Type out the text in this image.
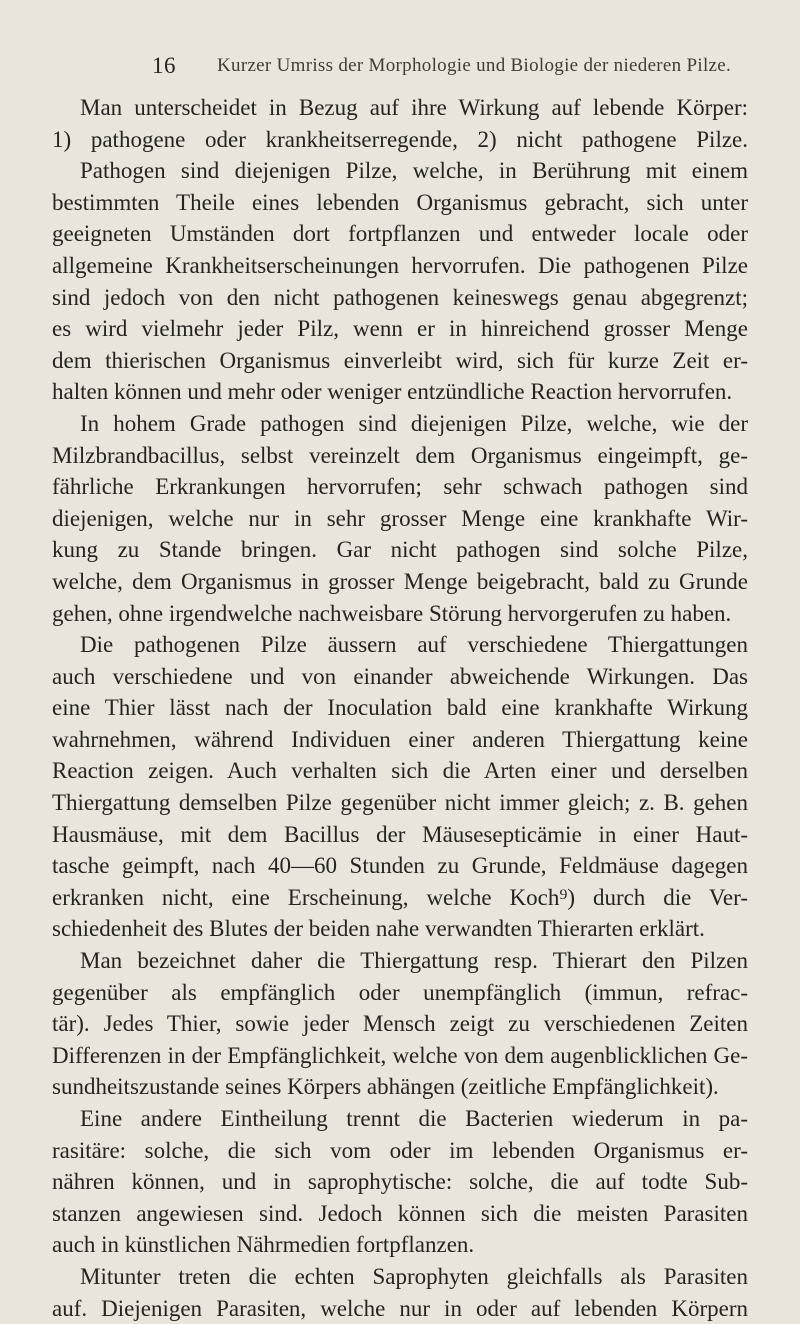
16 Kurzer Umriss der Morphologie und Biologie der niederen Pilze.
Man unterscheidet in Bezug auf ihre Wirkung auf lebende Körper:
1) pathogene oder krankheitserregende, 2) nicht pathogene Pilze.
Pathogen sind diejenigen Pilze, welche, in Berührung mit einem
bestimmten Theile eines lebenden Organismus gebracht, sich unter
geeigneten Umständen dort fortpflanzen und entweder locale oder
allgemeine Krankheitserscheinungen hervorrufen. Die pathogenen Pilze
sind jedoch von den nicht pathogenen keineswegs genau abgegrenzt;
es wird vielmehr jeder Pilz, wenn er in hinreichend grosser Menge
dem thierischen Organismus einverleibt wird, sich für kurze Zeit er-
halten können und mehr oder weniger entzündliche Reaction hervorrufen.
In hohem Grade pathogen sind diejenigen Pilze, welche, wie der
Milzbrandbacillus, selbst vereinzelt dem Organismus eingeimpft, ge-
fährliche Erkrankungen hervorrufen; sehr schwach pathogen sind
diejenigen, welche nur in sehr grosser Menge eine krankhafte Wir-
kung zu Stande bringen. Gar nicht pathogen sind solche Pilze,
welche, dem Organismus in grosser Menge beigebracht, bald zu Grunde
gehen, ohne irgendwelche nachweisbare Störung hervorgerufen zu haben.
Die pathogenen Pilze äussern auf verschiedene Thiergattungen
auch verschiedene und von einander abweichende Wirkungen. Das
eine Thier lässt nach der Inoculation bald eine krankhafte Wirkung
wahrnehmen, während Individuen einer anderen Thiergattung keine
Reaction zeigen. Auch verhalten sich die Arten einer und derselben
Thiergattung demselben Pilze gegenüber nicht immer gleich; z. B. gehen
Hausmäuse, mit dem Bacillus der Mäusesepticämie in einer Haut-
tasche geimpft, nach 40—60 Stunden zu Grunde, Feldmäuse dagegen
erkranken nicht, eine Erscheinung, welche Koch⁹) durch die Ver-
schiedenheit des Blutes der beiden nahe verwandten Thierarten erklärt.
Man bezeichnet daher die Thiergattung resp. Thierart den Pilzen
gegenüber als empfänglich oder unempfänglich (immun, refrac-
tär). Jedes Thier, sowie jeder Mensch zeigt zu verschiedenen Zeiten
Differenzen in der Empfänglichkeit, welche von dem augenblicklichen Ge-
sundheitszustande seines Körpers abhängen (zeitliche Empfänglichkeit).
Eine andere Eintheilung trennt die Bacterien wiederum in pa-
rasitäre: solche, die sich vom oder im lebenden Organismus er-
nähren können, und in saprophytische: solche, die auf todte Sub-
stanzen angewiesen sind. Jedoch können sich die meisten Parasiten
auch in künstlichen Nährmedien fortpflanzen.
Mitunter treten die echten Saprophyten gleichfalls als Parasiten
auf. Diejenigen Parasiten, welche nur in oder auf lebenden Körpern
